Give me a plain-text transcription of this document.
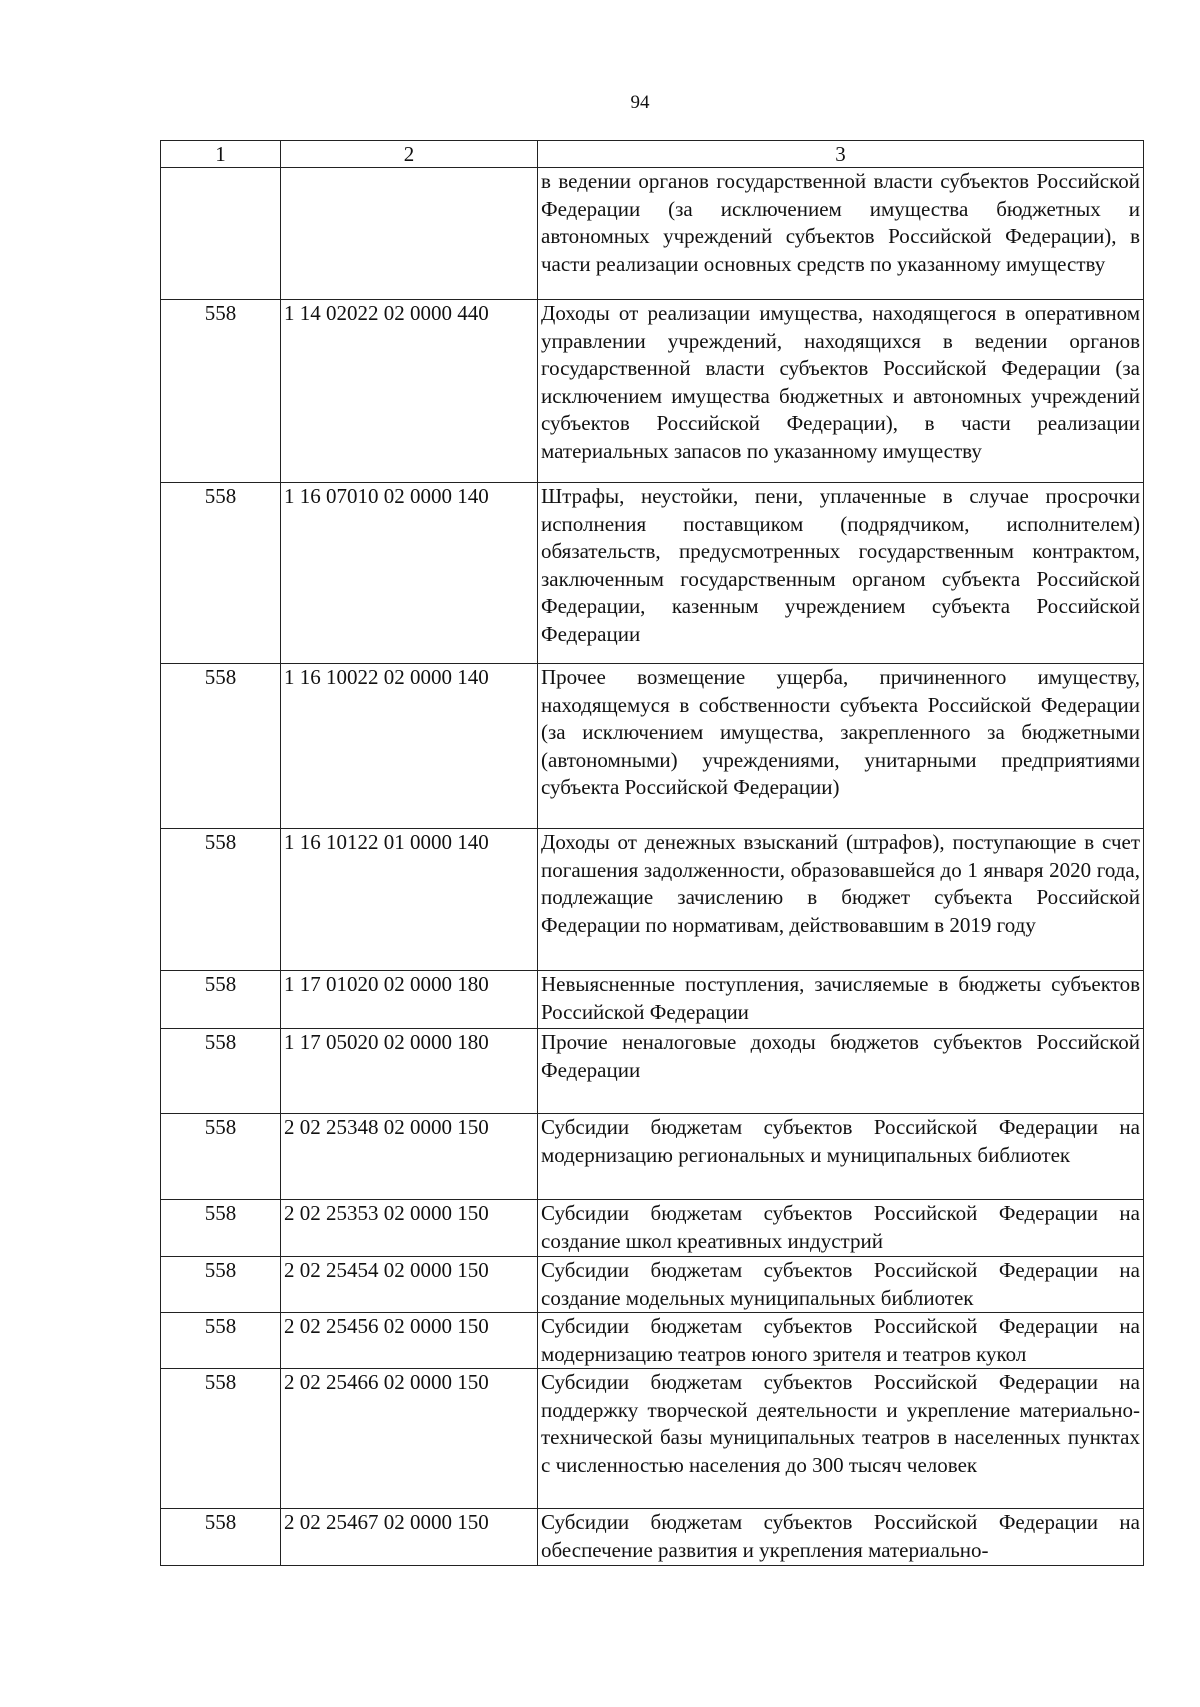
94
1	2	3
		в ведении органов государственной власти субъектов Российской Федерации (за исключением имущества бюджетных и автономных учреждений субъектов Российской Федерации), в части реализации основных средств по указанному имуществу
558	1 14 02022 02 0000 440	Доходы от реализации имущества, находящегося в оперативном управлении учреждений, находящихся в ведении органов государственной власти субъектов Российской Федерации (за исключением имущества бюджетных и автономных учреждений субъектов Российской Федерации), в части реализации материальных запасов по указанному имуществу
558	1 16 07010 02 0000 140	Штрафы, неустойки, пени, уплаченные в случае просрочки исполнения поставщиком (подрядчиком, исполнителем) обязательств, предусмотренных государственным контрактом, заключенным государственным органом субъекта Российской Федерации, казенным учреждением субъекта Российской Федерации
558	1 16 10022 02 0000 140	Прочее возмещение ущерба, причиненного имуществу, находящемуся в собственности субъекта Российской Федерации (за исключением имущества, закрепленного за бюджетными (автономными) учреждениями, унитарными предприятиями субъекта Российской Федерации)
558	1 16 10122 01 0000 140	Доходы от денежных взысканий (штрафов), поступающие в счет погашения задолженности, образовавшейся до 1 января 2020 года, подлежащие зачислению в бюджет субъекта Российской Федерации по нормативам, действовавшим в 2019 году
558	1 17 01020 02 0000 180	Невыясненные поступления, зачисляемые в бюджеты субъектов Российской Федерации
558	1 17 05020 02 0000 180	Прочие неналоговые доходы бюджетов субъектов Российской Федерации
558	2 02 25348 02 0000 150	Субсидии бюджетам субъектов Российской Федерации на модернизацию региональных и муниципальных библиотек
558	2 02 25353 02 0000 150	Субсидии бюджетам субъектов Российской Федерации на создание школ креативных индустрий
558	2 02 25454 02 0000 150	Субсидии бюджетам субъектов Российской Федерации на создание модельных муниципальных библиотек
558	2 02 25456 02 0000 150	Субсидии бюджетам субъектов Российской Федерации на модернизацию театров юного зрителя и театров кукол
558	2 02 25466 02 0000 150	Субсидии бюджетам субъектов Российской Федерации на поддержку творческой деятельности и укрепление материально-технической базы муниципальных театров в населенных пунктах с численностью населения до 300 тысяч человек
558	2 02 25467 02 0000 150	Субсидии бюджетам субъектов Российской Федерации на обеспечение развития и укрепления материально-
